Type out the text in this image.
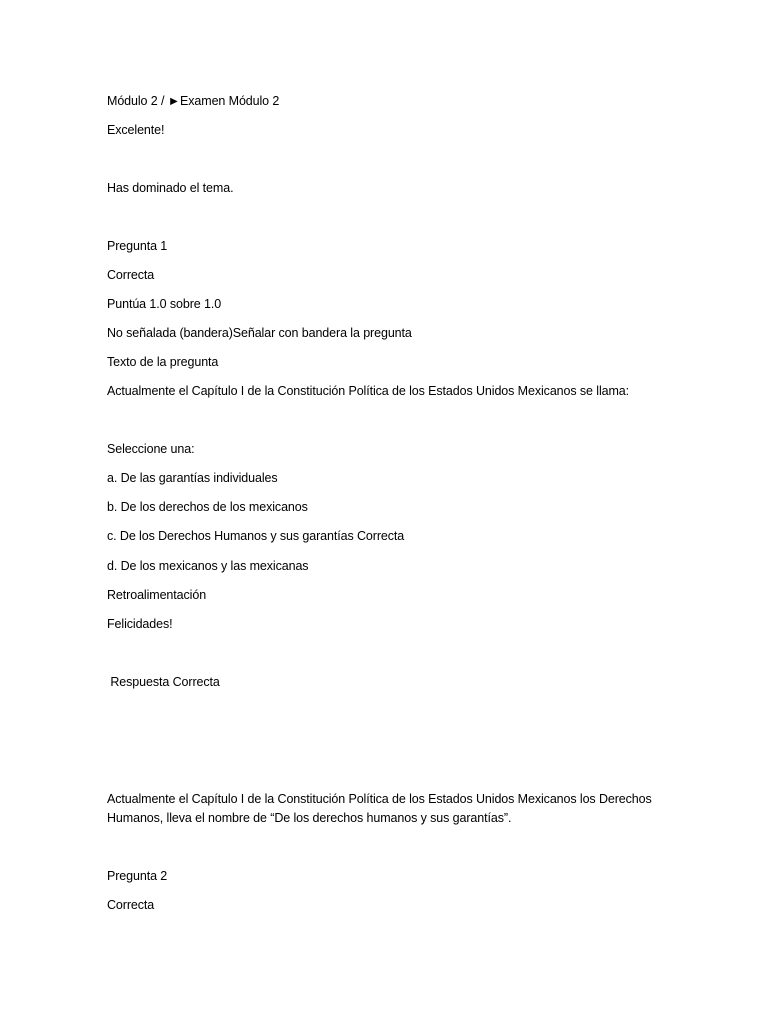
Módulo 2 / ►Examen Módulo 2
Excelente!
Has dominado el tema.
Pregunta 1
Correcta
Puntúa 1.0 sobre 1.0
No señalada (bandera)Señalar con bandera la pregunta
Texto de la pregunta
Actualmente el Capítulo I de la Constitución Política de los Estados Unidos Mexicanos se llama:
Seleccione una:
a. De las garantías individuales
b. De los derechos de los mexicanos
c. De los Derechos Humanos y sus garantías Correcta
d. De los mexicanos y las mexicanas
Retroalimentación
Felicidades!
Respuesta Correcta
Actualmente el Capítulo I de la Constitución Política de los Estados Unidos Mexicanos los Derechos Humanos, lleva el nombre de “De los derechos humanos y sus garantías”.
Pregunta 2
Correcta
